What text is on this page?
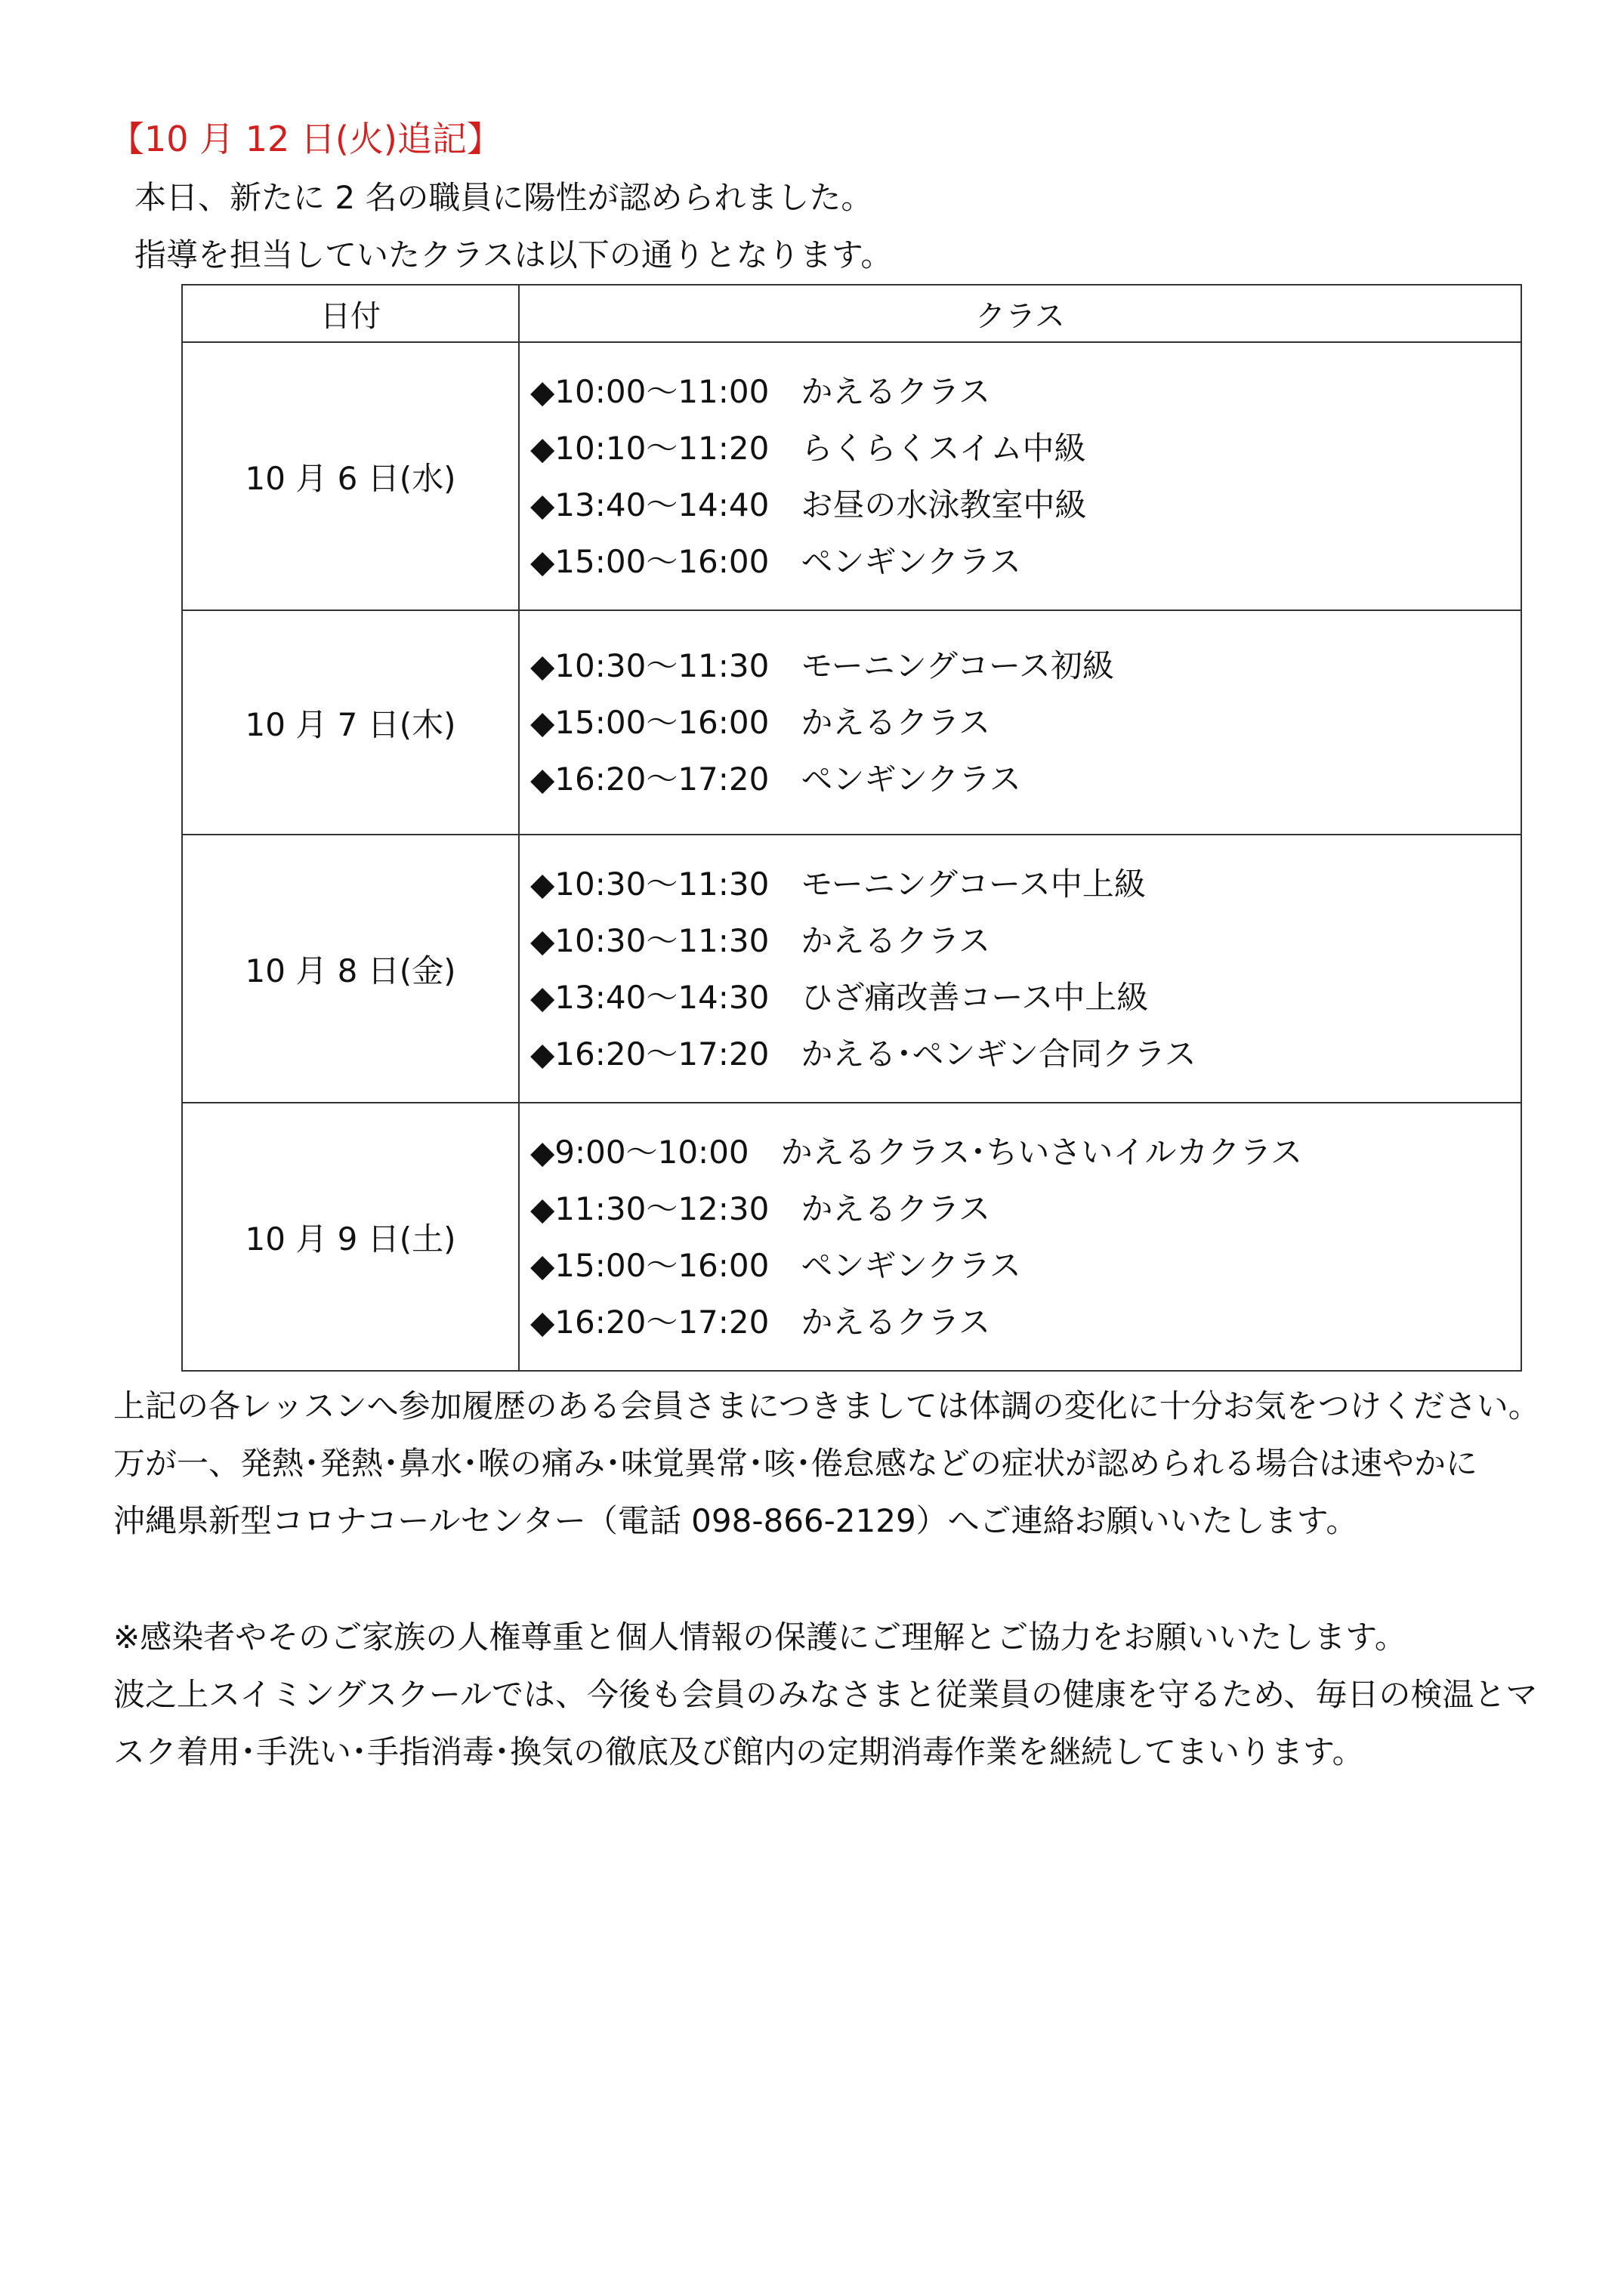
【10 月 12 日(火)追記】
本日、新たに 2 名の職員に陽性が認められました。
指導を担当していたクラスは以下の通りとなります。
日付	クラス
10 月 6 日(水)	◆10:00～11:00　かえるクラス
◆10:10～11:20　らくらくスイム中級
◆13:40～14:40　お昼の水泳教室中級
◆15:00～16:00　ペンギンクラス

10 月 7 日(木)	◆10:30～11:30　モーニングコース初級
◆15:00～16:00　かえるクラス
◆16:20～17:20　ペンギンクラス

10 月 8 日(金)	◆10:30～11:30　モーニングコース中上級
◆10:30～11:30　かえるクラス
◆13:40～14:30　ひざ痛改善コース中上級
◆16:20～17:20　かえる･ペンギン合同クラス

10 月 9 日(土)	◆9:00～10:00　かえるクラス･ちいさいイルカクラス
◆11:30～12:30　かえるクラス
◆15:00～16:00　ペンギンクラス
◆16:20～17:20　かえるクラス
上記の各レッスンへ参加履歴のある会員さまにつきましては体調の変化に十分お気をつけください。
万が一、発熱･発熱･鼻水･喉の痛み･味覚異常･咳･倦怠感などの症状が認められる場合は速やかに
沖縄県新型コロナコールセンター（電話 098-866-2129）へご連絡お願いいたします。
※感染者やそのご家族の人権尊重と個人情報の保護にご理解とご協力をお願いいたします。
波之上スイミングスクールでは、今後も会員のみなさまと従業員の健康を守るため、毎日の検温とマ
スク着用･手洗い･手指消毒･換気の徹底及び館内の定期消毒作業を継続してまいります。
